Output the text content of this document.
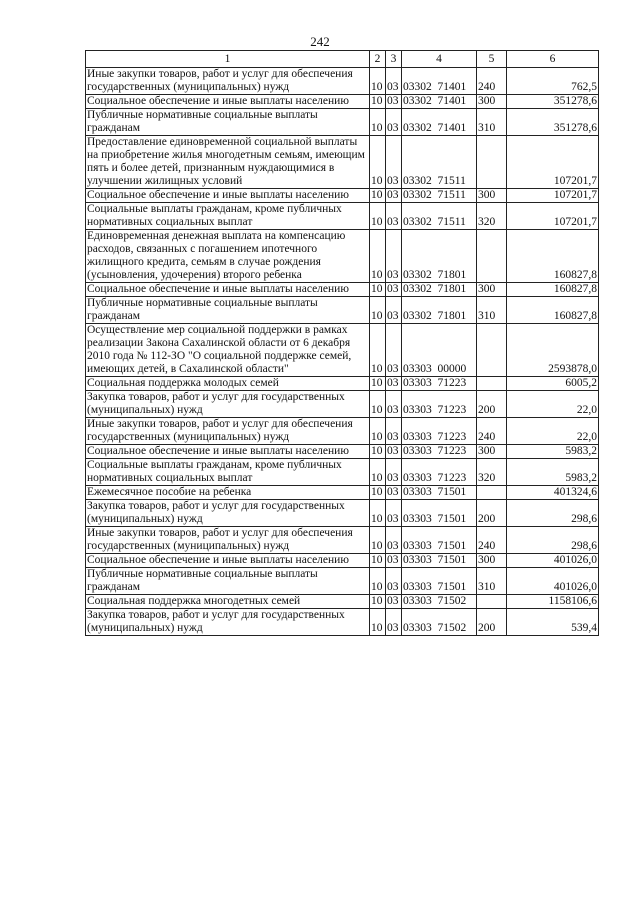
242
1	2	3	4	5	6
Иные закупки товаров, работ и услуг для обеспечения государственных (муниципальных) нужд	10	03	03302  71401	240	762,5
Социальное обеспечение и иные выплаты населению	10	03	03302  71401	300	351278,6
Публичные нормативные социальные выплаты гражданам	10	03	03302  71401	310	351278,6
Предоставление единовременной социальной выплаты на приобретение жилья многодетным семьям, имеющим пять и более детей, признанным нуждающимися в улучшении жилищных условий	10	03	03302  71511		107201,7
Социальное обеспечение и иные выплаты населению	10	03	03302  71511	300	107201,7
Социальные выплаты гражданам, кроме публичных нормативных социальных выплат	10	03	03302  71511	320	107201,7
Единовременная денежная выплата на компенсацию расходов, связанных с погашением ипотечного жилищного кредита, семьям в случае рождения (усыновления, удочерения) второго ребенка	10	03	03302  71801		160827,8
Социальное обеспечение и иные выплаты населению	10	03	03302  71801	300	160827,8
Публичные нормативные социальные выплаты гражданам	10	03	03302  71801	310	160827,8
Осуществление мер социальной поддержки в рамках реализации Закона Сахалинской области от 6 декабря 2010 года № 112-ЗО "О социальной поддержке семей, имеющих детей, в Сахалинской области"	10	03	03303  00000		2593878,0
Социальная поддержка молодых семей	10	03	03303  71223		6005,2
Закупка товаров, работ и услуг для государственных (муниципальных) нужд	10	03	03303  71223	200	22,0
Иные закупки товаров, работ и услуг для обеспечения государственных (муниципальных) нужд	10	03	03303  71223	240	22,0
Социальное обеспечение и иные выплаты населению	10	03	03303  71223	300	5983,2
Социальные выплаты гражданам, кроме публичных нормативных социальных выплат	10	03	03303  71223	320	5983,2
Ежемесячное пособие на ребенка	10	03	03303  71501		401324,6
Закупка товаров, работ и услуг для государственных (муниципальных) нужд	10	03	03303  71501	200	298,6
Иные закупки товаров, работ и услуг для обеспечения государственных (муниципальных) нужд	10	03	03303  71501	240	298,6
Социальное обеспечение и иные выплаты населению	10	03	03303  71501	300	401026,0
Публичные нормативные социальные выплаты гражданам	10	03	03303  71501	310	401026,0
Социальная поддержка многодетных семей	10	03	03303  71502		1158106,6
Закупка товаров, работ и услуг для государственных (муниципальных) нужд	10	03	03303  71502	200	539,4
